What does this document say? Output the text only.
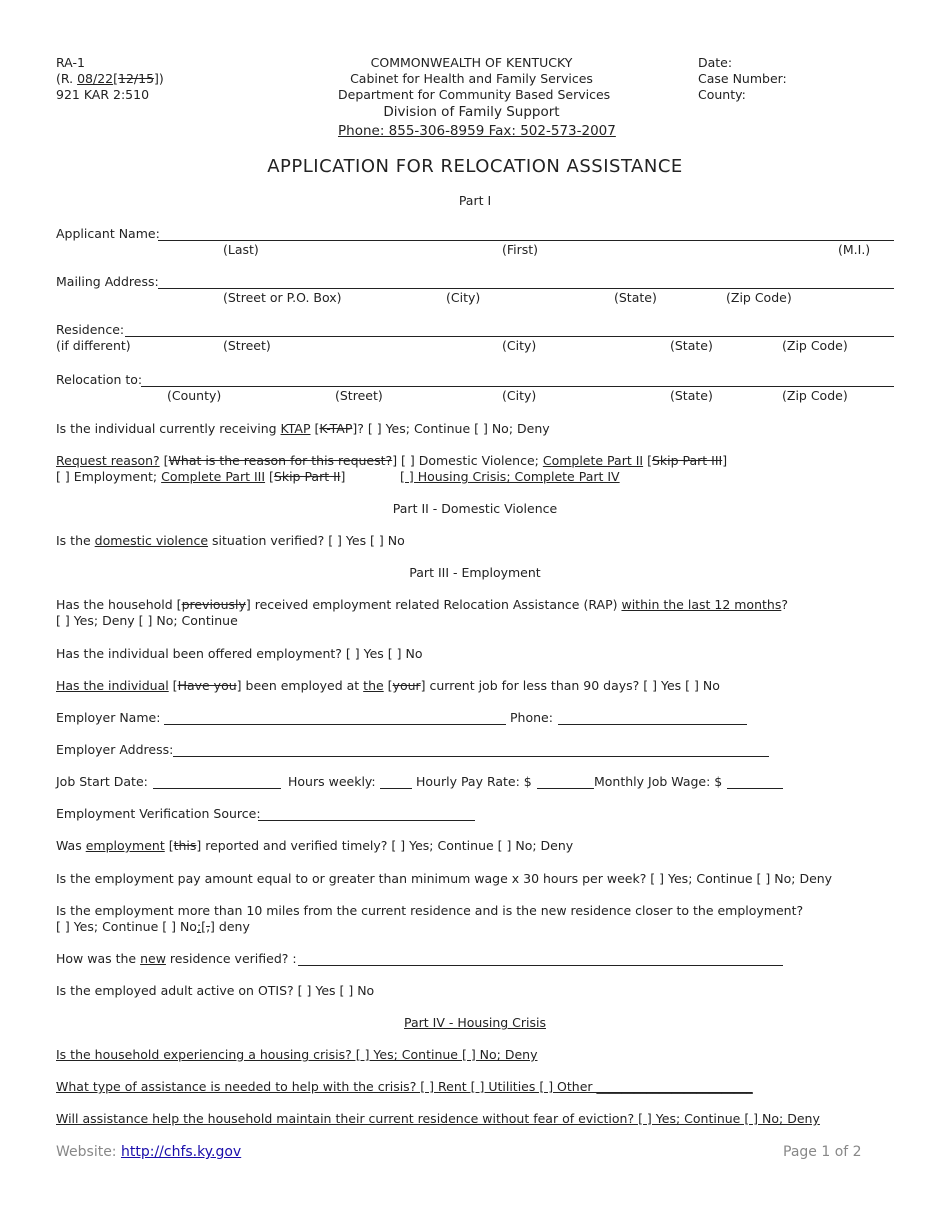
RA-1
(R. 08/22[12/15])
921 KAR 2:510
COMMONWEALTH OF KENTUCKY
Cabinet for Health and Family Services
Department for Community Based Services
Division of Family Support
Phone: 855-306-8959 Fax: 502-573-2007
Date:
Case Number:
County:
APPLICATION FOR RELOCATION ASSISTANCE
Part I
Applicant Name:
(Last)	(First)	(M.I.)
Mailing Address:
(Street or P.O. Box)	(City)	(State)	(Zip Code)
Residence:
(if different)	(Street)	(City)	(State)	(Zip Code)
Relocation to:
(County)	(Street)	(City)	(State)	(Zip Code)
Is the individual currently receiving KTAP [K-TAP]? [ ] Yes; Continue [ ] No; Deny
Request reason? [What is the reason for this request?] [ ] Domestic Violence; Complete Part II [Skip Part III]
[ ] Employment; Complete Part III [Skip Part II]	[ ] Housing Crisis; Complete Part IV
Part II - Domestic Violence
Is the domestic violence situation verified? [ ] Yes [ ] No
Part III - Employment
Has the household [previously] received employment related Relocation Assistance (RAP) within the last 12 months?
[ ] Yes; Deny [ ] No; Continue
Has the individual been offered employment? [ ] Yes [ ] No
Has the individual [Have you] been employed at the [your] current job for less than 90 days? [ ] Yes [ ] No
Employer Name:	Phone:
Employer Address:
Job Start Date:	Hours weekly:	Hourly Pay Rate: $	Monthly Job Wage: $
Employment Verification Source:
Was employment [this] reported and verified timely? [ ] Yes; Continue [ ] No; Deny
Is the employment pay amount equal to or greater than minimum wage x 30 hours per week? [ ] Yes; Continue [ ] No; Deny
Is the employment more than 10 miles from the current residence and is the new residence closer to the employment?
[ ] Yes; Continue [ ] No;[,] deny
How was the new residence verified? :
Is the employed adult active on OTIS? [ ] Yes [ ] No
Part IV - Housing Crisis
Is the household experiencing a housing crisis? [ ] Yes; Continue [ ] No; Deny
What type of assistance is needed to help with the crisis? [ ] Rent [ ] Utilities [ ] Other _________________________
Will assistance help the household maintain their current residence without fear of eviction? [ ] Yes; Continue [ ] No; Deny
Website: http://chfs.ky.gov	Page 1 of 2
